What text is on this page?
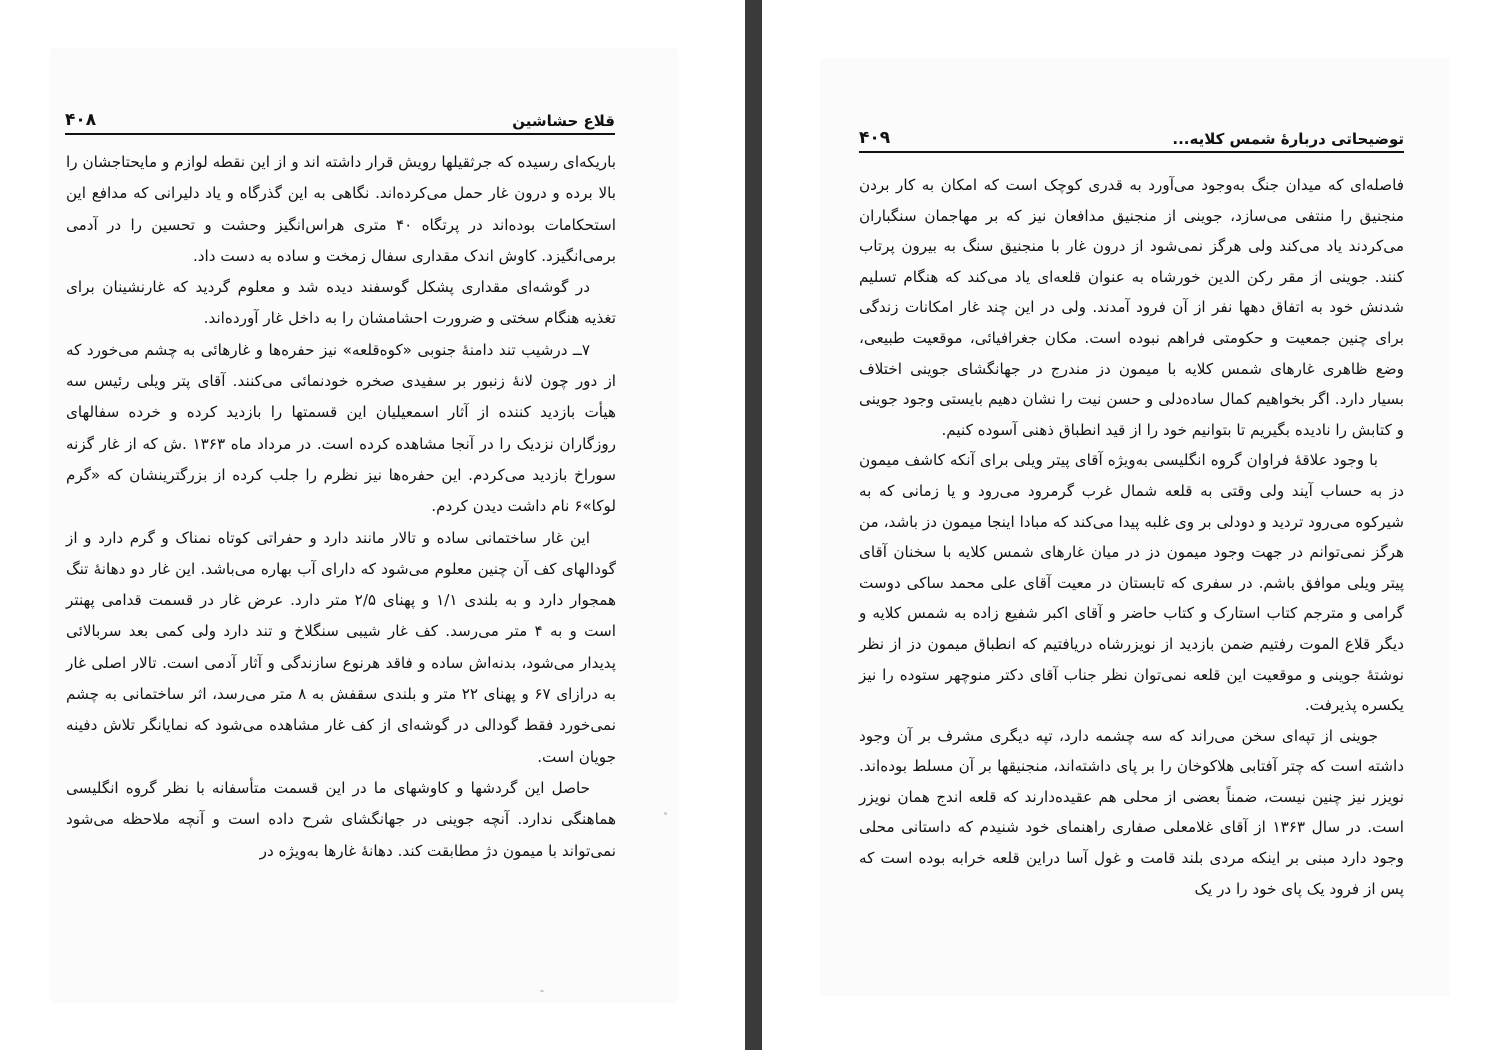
۴۰۸	قلاع حشاشین

باریکه‌ای رسیده که جرثقیلها رویش قرار داشته اند و از این نقطه لوازم و مایحتاجشان را بالا برده و درون غار حمل می‌کرده‌اند. نگاهی به این گذرگاه و یاد دلیرانی که مدافع این استحکامات بوده‌اند در پرتگاه ۴۰ متری هراس‌انگیز وحشت و تحسین را در آدمی برمی‌انگیزد. کاوش اندک مقداری سفال زمخت و ساده به دست داد.

در گوشه‌ای مقداری پشکل گوسفند دیده شد و معلوم گردید که غارنشینان برای تغذیه هنگام سختی و ضرورت احشامشان را به داخل غار آورده‌اند.

۷ــ درشیب تند دامنهٔ جنوبی «کوه‌قلعه» نیز حفره‌ها و غارهائی به چشم می‌خورد که از دور چون لانهٔ زنبور بر سفیدی صخره خودنمائی می‌کنند. آقای پتر ویلی رئیس سه هیأت بازدید کننده از آثار اسمعیلیان این قسمتها را بازدید کرده و خرده سفالهای روزگاران نزدیک را در آنجا مشاهده کرده است. در مرداد ماه ۱۳۶۳ .ش که از غار گزنه سوراخ بازدید می‌کردم. این حفره‌ها نیز نظرم را جلب کرده از بزرگترینشان که «گرم لوکا»۶ نام داشت دیدن کردم.

این غار ساختمانی ساده و تالار مانند دارد و حفراتی کوتاه نمناک و گرم دارد و از گودالهای کف آن چنین معلوم می‌شود که دارای آب بهاره می‌باشد. این غار دو دهانهٔ تنگ همجوار دارد و به بلندی ۱/۱ و پهنای ۲/۵ متر دارد. عرض غار در قسمت قدامی پهنتر است و به ۴ متر می‌رسد. کف غار شیبی سنگلاخ و تند دارد ولی کمی بعد سربالائی پدیدار می‌شود، بدنه‌اش ساده و فاقد هرنوع سازندگی و آثار آدمی است. تالار اصلی غار به درازای ۶۷ و پهنای ۲۲ متر و بلندی سقفش به ۸ متر می‌رسد، اثر ساختمانی به چشم نمی‌خورد فقط گودالی در گوشه‌ای از کف غار مشاهده می‌شود که نمایانگر تلاش دفینه جویان است.

حاصل این گردشها و کاوشهای ما در این قسمت متأسفانه با نظر گروه انگلیسی هماهنگی ندارد. آنچه جوینی در جهانگشای شرح داده است و آنچه ملاحظه می‌شود نمی‌تواند با میمون دژ مطابقت کند. دهانهٔ غارها به‌ویژه در

۴۰۹	توضیحاتی دربارهٔ شمس کلایه...

فاصله‌ای که میدان جنگ به‌وجود می‌آورد به قدری کوچک است که امکان به کار بردن منجنیق را منتفی می‌سازد، جوینی از منجنیق مدافعان نیز که بر مهاجمان سنگباران می‌کردند یاد می‌کند ولی هرگز نمی‌شود از درون غار با منجنیق سنگ به بیرون پرتاب کنند. جوینی از مقر رکن الدین خورشاه به عنوان قلعه‌ای یاد می‌کند که هنگام تسلیم شدنش خود به اتفاق دهها نفر از آن فرود آمدند. ولی در این چند غار امکانات زندگی برای چنین جمعیت و حکومتی فراهم نبوده است. مکان جغرافیائی، موقعیت طبیعی، وضع ظاهری غارهای شمس کلایه با میمون دز مندرج در جهانگشای جوینی اختلاف بسیار دارد. اگر بخواهیم کمال ساده‌دلی و حسن نیت را نشان دهیم بایستی وجود جوینی و کتابش را نادیده بگیریم تا بتوانیم خود را از قید انطباق ذهنی آسوده کنیم.

با وجود علاقهٔ فراوان گروه انگلیسی به‌ویژه آقای پیتر ویلی برای آنکه کاشف میمون دز به حساب آیند ولی وقتی به قلعه شمال غرب گرمرود می‌رود و یا زمانی که به شیرکوه می‌رود تردید و دودلی بر وی غلبه پیدا می‌کند که مبادا اینجا میمون دز باشد، من هرگز نمی‌توانم در جهت وجود میمون دز در میان غارهای شمس کلایه با سخنان آقای پیتر ویلی موافق باشم. در سفری که تابستان در معیت آقای علی محمد ساکی دوست گرامی و مترجم کتاب استارک و کتاب حاضر و آقای اکبر شفیع زاده به شمس کلایه و دیگر قلاع الموت رفتیم ضمن بازدید از نویزرشاه دریافتیم که انطباق میمون دز از نظر نوشتهٔ جوینی و موقعیت این قلعه نمی‌توان نظر جناب آقای دکتر منوچهر ستوده را نیز یکسره پذیرفت.

جوینی از تپه‌ای سخن می‌راند که سه چشمه دارد، تپه دیگری مشرف بر آن وجود داشته است که چتر آفتابی هلاکوخان را بر پای داشته‌اند، منجنیقها بر آن مسلط بوده‌اند. نویزر نیز چنین نیست، ضمناً بعضی از محلی هم عقیده‌دارند که قلعه اندج همان نویزر است. در سال ۱۳۶۳ از آقای غلامعلی صفاری راهنمای خود شنیدم که داستانی محلی وجود دارد مبنی بر اینکه مردی بلند قامت و غول آسا دراین قلعه خرابه بوده است که پس از فرود یک پای خود را در یک
